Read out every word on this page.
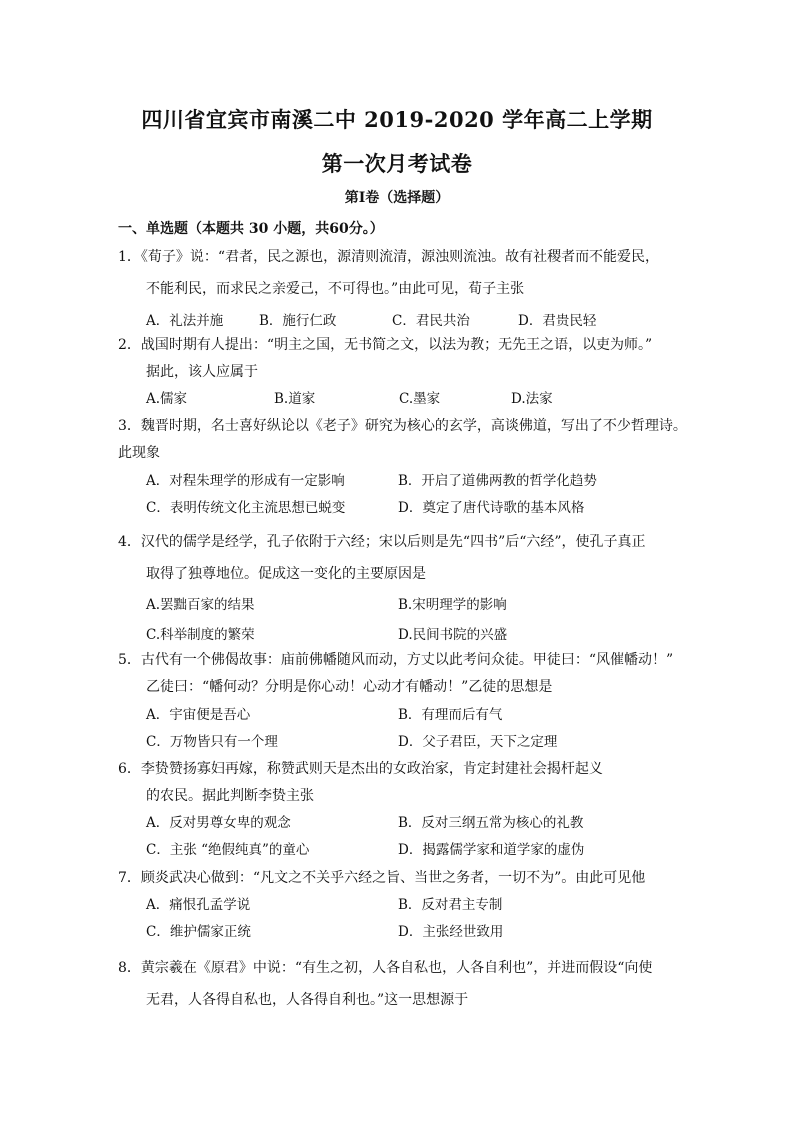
四川省宜宾市南溪二中 2019-2020 学年高二上学期
第一次月考试卷
第Ⅰ卷（选择题）
一、单选题（本题共 30 小题，共60分。）
1．《荀子》说：“君者，民之源也，源清则流清，源浊则流浊。故有社稷者而不能爱民，
不能利民，而求民之亲爱己，不可得也。”由此可见，荀子主张
A．礼法并施	B．施行仁政	C．君民共治	D．君贵民轻
2．战国时期有人提出：“明主之国，无书简之文，以法为教；无先王之语，以吏为师。”
据此，该人应属于
A.儒家	B.道家	C.墨家	D.法家
3．魏晋时期，名士喜好纵论以《老子》研究为核心的玄学，高谈佛道，写出了不少哲理诗。
此现象
A．对程朱理学的形成有一定影响	B．开启了道佛两教的哲学化趋势
C．表明传统文化主流思想已蜕变	D．奠定了唐代诗歌的基本风格
4．汉代的儒学是经学，孔子依附于六经；宋以后则是先“四书”后“六经”，使孔子真正
取得了独尊地位。促成这一变化的主要原因是
A.罢黜百家的结果	B.宋明理学的影响
C.科举制度的繁荣	D.民间书院的兴盛
5．古代有一个佛偈故事：庙前佛幡随风而动，方丈以此考问众徒。甲徒曰：“风催幡动！”
乙徒曰：“幡何动？分明是你心动！心动才有幡动！”乙徒的思想是
A．宇宙便是吾心	B．有理而后有气
C．万物皆只有一个理	D．父子君臣，天下之定理
6．李贽赞扬寡妇再嫁，称赞武则天是杰出的女政治家，肯定封建社会揭杆起义
的农民。据此判断李贽主张
A．反对男尊女卑的观念	B．反对三纲五常为核心的礼教
C．主张 “绝假纯真”的童心	D．揭露儒学家和道学家的虚伪
7．顾炎武决心做到：“凡文之不关乎六经之旨、当世之务者，一切不为”。由此可见他
A．痛恨孔孟学说	B．反对君主专制
C．维护儒家正统	D．主张经世致用
8．黄宗羲在《原君》中说：“有生之初，人各自私也，人各自利也”，并进而假设“向使
无君，人各得自私也，人各得自利也。”这一思想源于
